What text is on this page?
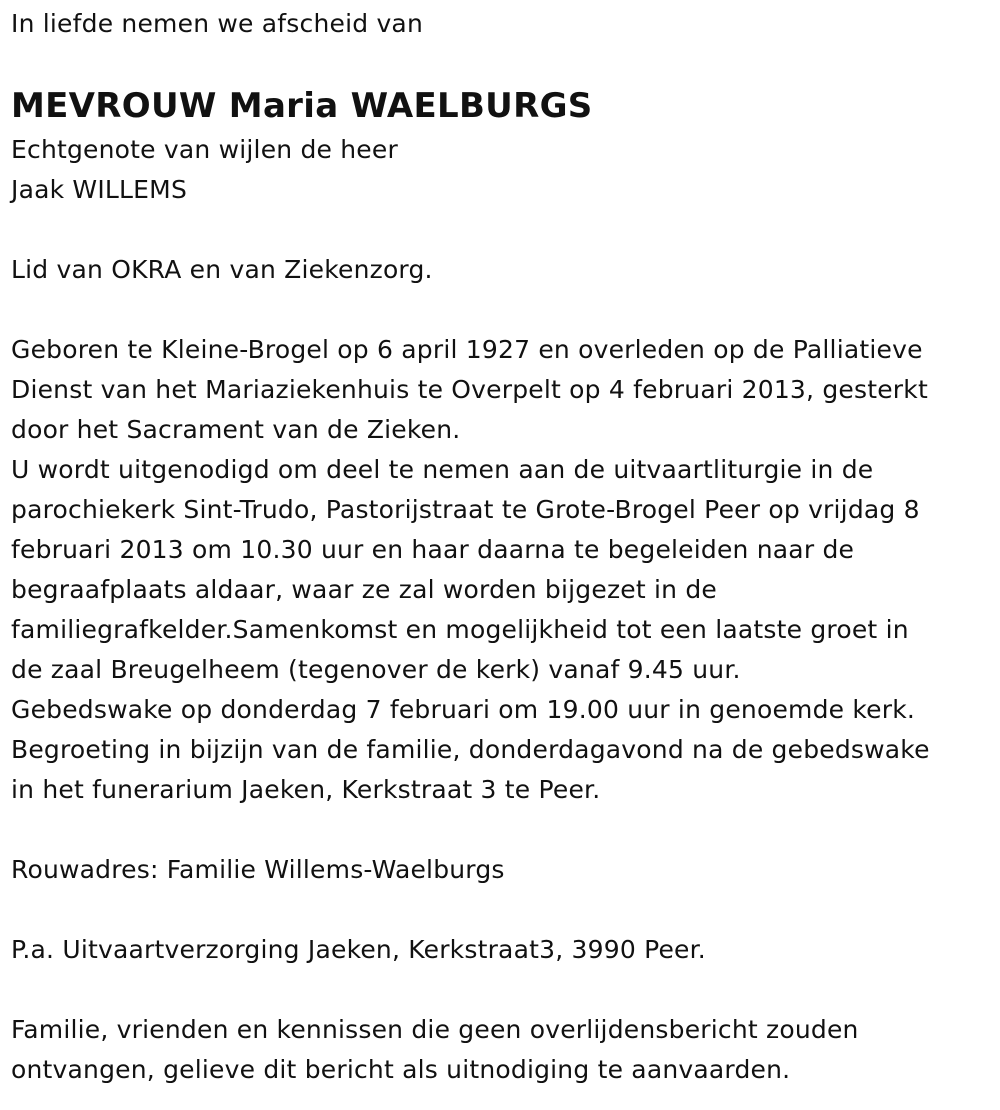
In liefde nemen we afscheid van
MEVROUW Maria WAELBURGS
Echtgenote van wijlen de heer
Jaak WILLEMS
Lid van OKRA en van Ziekenzorg.
Geboren te Kleine-Brogel op 6 april 1927 en overleden op de Palliatieve
Dienst van het Mariaziekenhuis te Overpelt op 4 februari 2013, gesterkt
door het Sacrament van de Zieken.
U wordt uitgenodigd om deel te nemen aan de uitvaartliturgie in de
parochiekerk Sint-Trudo, Pastorijstraat te Grote-Brogel Peer op vrijdag 8
februari 2013 om 10.30 uur en haar daarna te begeleiden naar de
begraafplaats aldaar, waar ze zal worden bijgezet in de
familiegrafkelder.Samenkomst en mogelijkheid tot een laatste groet in
de zaal Breugelheem (tegenover de kerk) vanaf 9.45 uur.
Gebedswake op donderdag 7 februari om 19.00 uur in genoemde kerk.
Begroeting in bijzijn van de familie, donderdagavond na de gebedswake
in het funerarium Jaeken, Kerkstraat 3 te Peer.
Rouwadres: Familie Willems-Waelburgs
P.a. Uitvaartverzorging Jaeken, Kerkstraat3, 3990 Peer.
Familie, vrienden en kennissen die geen overlijdensbericht zouden
ontvangen, gelieve dit bericht als uitnodiging te aanvaarden.
